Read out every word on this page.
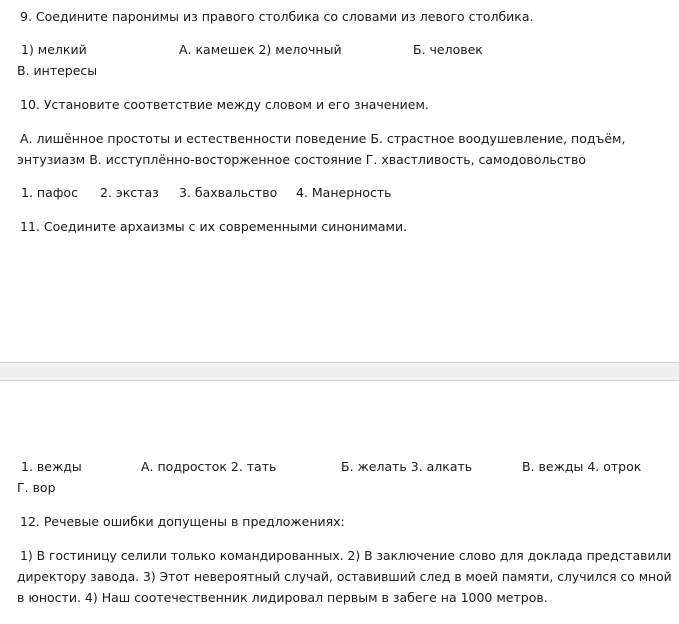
9. Соедините паронимы из правого столбика со словами из левого столбика.
1) мелкий	А. камешек 2) мелочный	Б. человек
В. интересы
10. Установите соответствие между словом и его значением.
А. лишённое простоты и естественности поведение Б. страстное воодушевление, подъём,
энтузиазм В. исступлённо-восторженное состояние Г. хвастливость, самодовольство
1. пафос 2. экстаз 3. бахвальство 4. Манерность
11. Соедините архаизмы с их современными синонимами.
1. вежды	А. подросток 2. тать	Б. желать 3. алкать	В. вежды 4. отрок
Г. вор
12. Речевые ошибки допущены в предложениях:
1) В гостиницу селили только командированных. 2) В заключение слово для доклада представили
директору завода. 3) Этот невероятный случай, оставивший след в моей памяти, случился со мной
в юности. 4) Наш соотечественник лидировал первым в забеге на 1000 метров.
